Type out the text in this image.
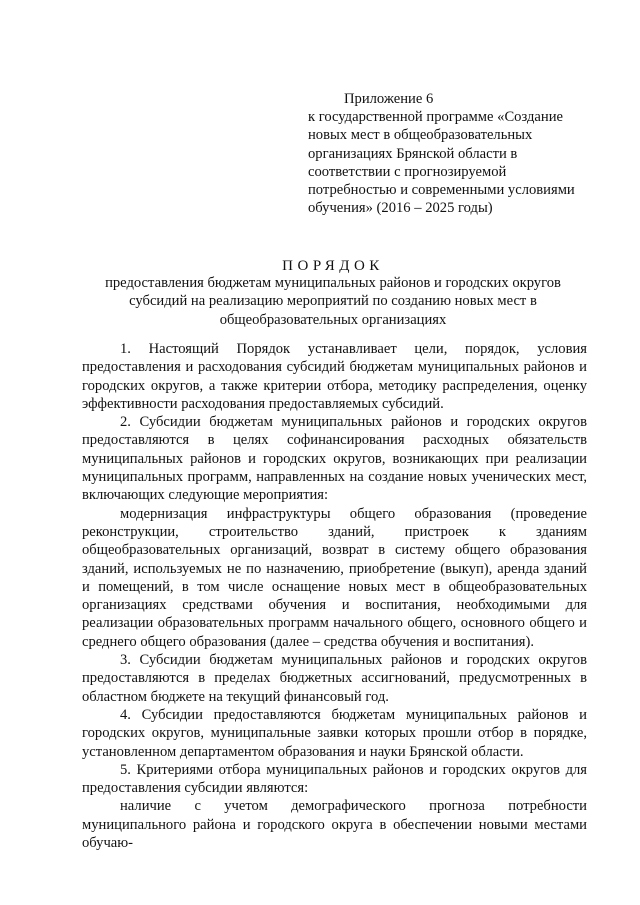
Приложение 6
к государственной программе «Создание новых мест в общеобразовательных организациях Брянской области в соответствии с прогнозируемой потребностью и современными условиями обучения» (2016 – 2025 годы)
ПОРЯДОК
предоставления бюджетам муниципальных районов и городских округов субсидий на реализацию мероприятий по созданию новых мест в общеобразовательных организациях

1. Настоящий Порядок устанавливает цели, порядок, условия предоставления и расходования субсидий бюджетам муниципальных районов и городских округов, а также критерии отбора, методику распределения, оценку эффективности расходования предоставляемых субсидий.

2. Субсидии бюджетам муниципальных районов и городских округов предоставляются в целях софинансирования расходных обязательств муниципальных районов и городских округов, возникающих при реализации муниципальных программ, направленных на создание новых ученических мест, включающих следующие мероприятия:

модернизация инфраструктуры общего образования (проведение реконструкции, строительство зданий, пристроек к зданиям общеобразовательных организаций, возврат в систему общего образования зданий, используемых не по назначению, приобретение (выкуп), аренда зданий и помещений, в том числе оснащение новых мест в общеобразовательных организациях средствами обучения и воспитания, необходимыми для реализации образовательных программ начального общего, основного общего и среднего общего образования (далее – средства обучения и воспитания).

3. Субсидии бюджетам муниципальных районов и городских округов предоставляются в пределах бюджетных ассигнований, предусмотренных в областном бюджете на текущий финансовый год.

4. Субсидии предоставляются бюджетам муниципальных районов и городских округов, муниципальные заявки которых прошли отбор в порядке, установленном департаментом образования и науки Брянской области.

5. Критериями отбора муниципальных районов и городских округов для предоставления субсидии являются:

наличие с учетом демографического прогноза потребности муниципального района и городского округа в обеспечении новыми местами обучаю-
